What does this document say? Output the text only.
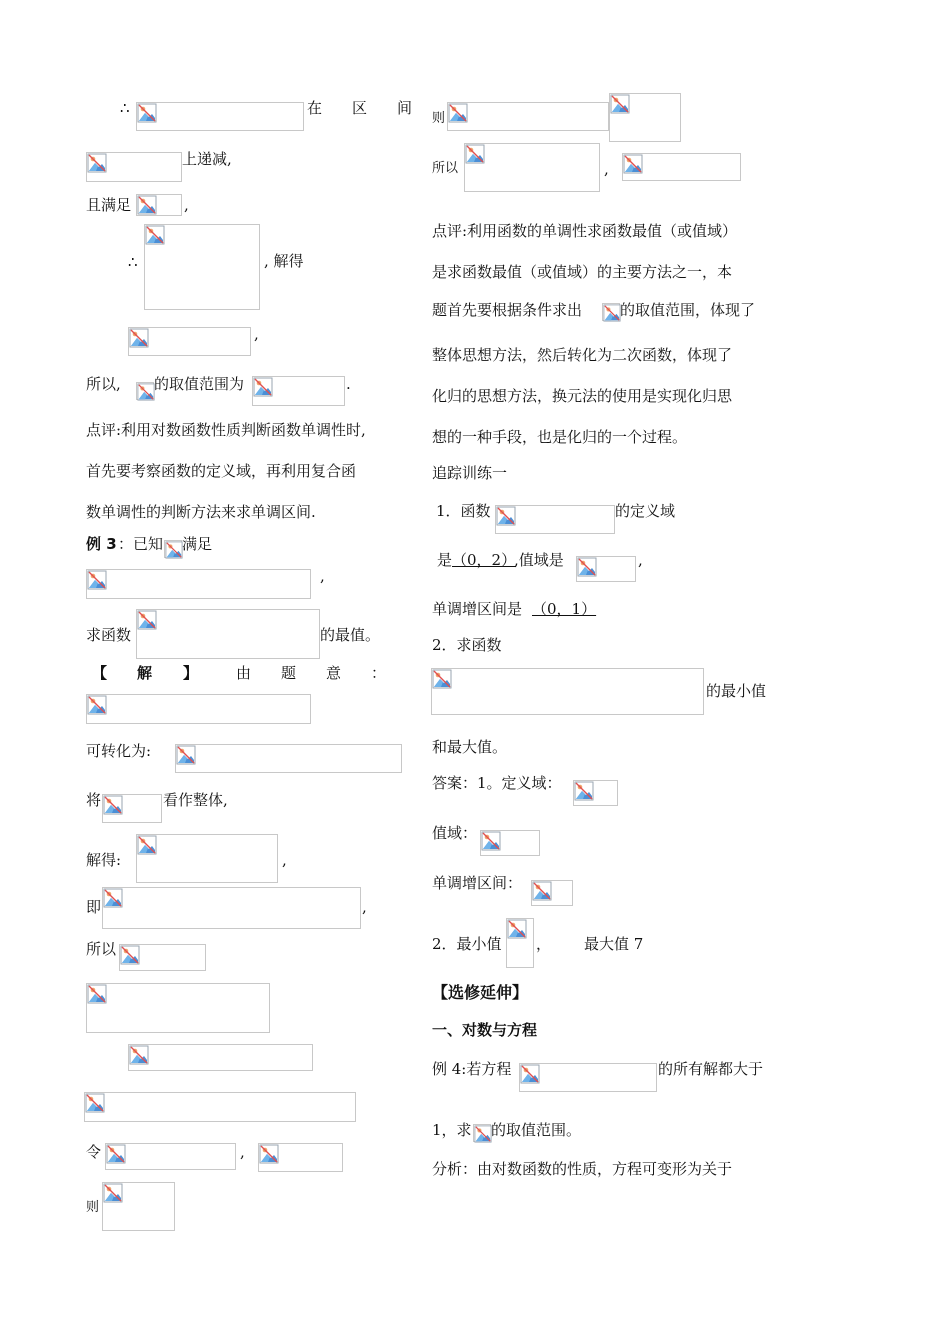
∴	在　　区　　间
上递减,
且满足	,
∴	, 解得
,
所以, 的取值范围为	.
点评:利用对数函数性质判断函数单调性时,
首先要考察函数的定义域，再利用复合函
数单调性的判断方法来求单调区间.
例 3 ：已知 满足
,
求函数	的最值。
【 解 】	由　　题　　意　　：
可转化为:
将	看作整体,
解得:	,
即	,
所以
令	,
则
则
所以	,
点评:利用函数的单调性求函数最值（或值域）
是求函数最值（或值域）的主要方法之一，本
题首先要根据条件求出	的取值范围，体现了
整体思想方法，然后转化为二次函数，体现了
化归的思想方法，换元法的使用是实现化归思
想的一种手段，也是化归的一个过程。
追踪训练一
1．函数	的定义域
是 （0，2）
,值域是	,
单调增区间是 （0，1）
2．求函数
的最小值
和最大值。
答案：1。定义域：
值域：
单调增区间：
2．最小值 ， 最大值 7
【选修延伸】
一、对数与方程
例 4:若方程	的所有解都大于
1，求 的取值范围。
分析：由对数函数的性质，方程可变形为关于
